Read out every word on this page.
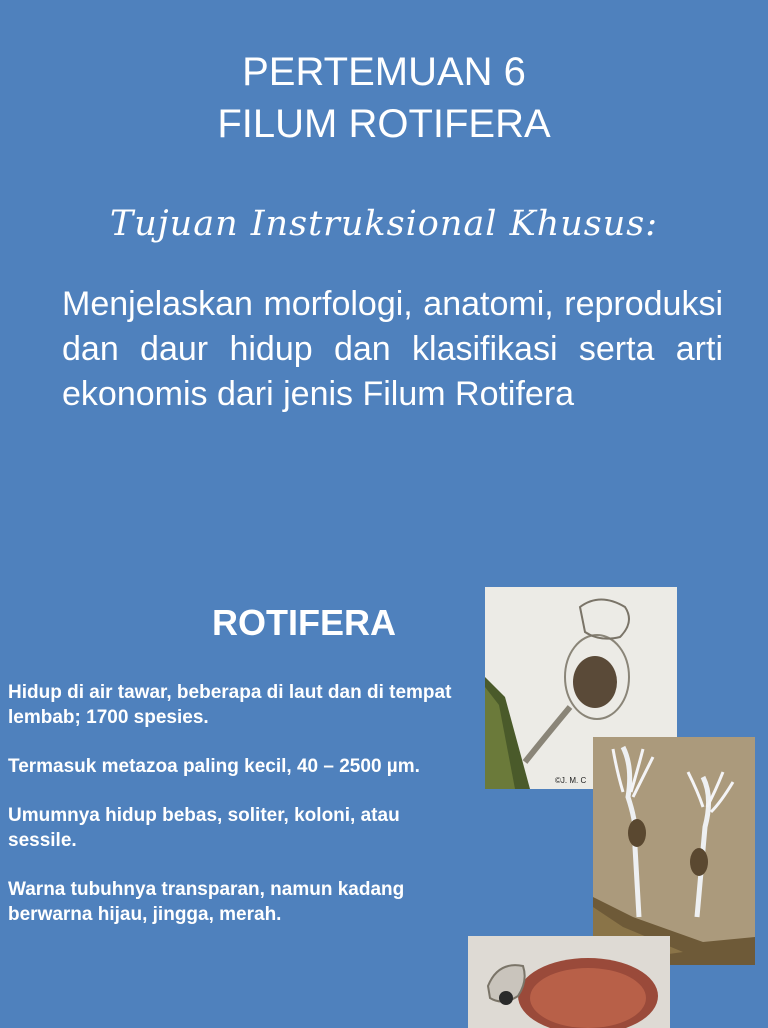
PERTEMUAN 6
FILUM ROTIFERA
Tujuan Instruksional Khusus:

Menjelaskan morfologi, anatomi, reproduksi dan daur hidup dan klasifikasi serta arti ekonomis dari jenis Filum Rotifera

ROTIFERA

Hidup di air tawar, beberapa di laut dan di tempat lembab; 1700 spesies.

Termasuk metazoa paling kecil, 40 – 2500 µm.

Umumnya hidup bebas, soliter, koloni, atau sessile.

Warna tubuhnya transparan, namun kadang berwarna hijau, jingga, merah.

©J. M. C
